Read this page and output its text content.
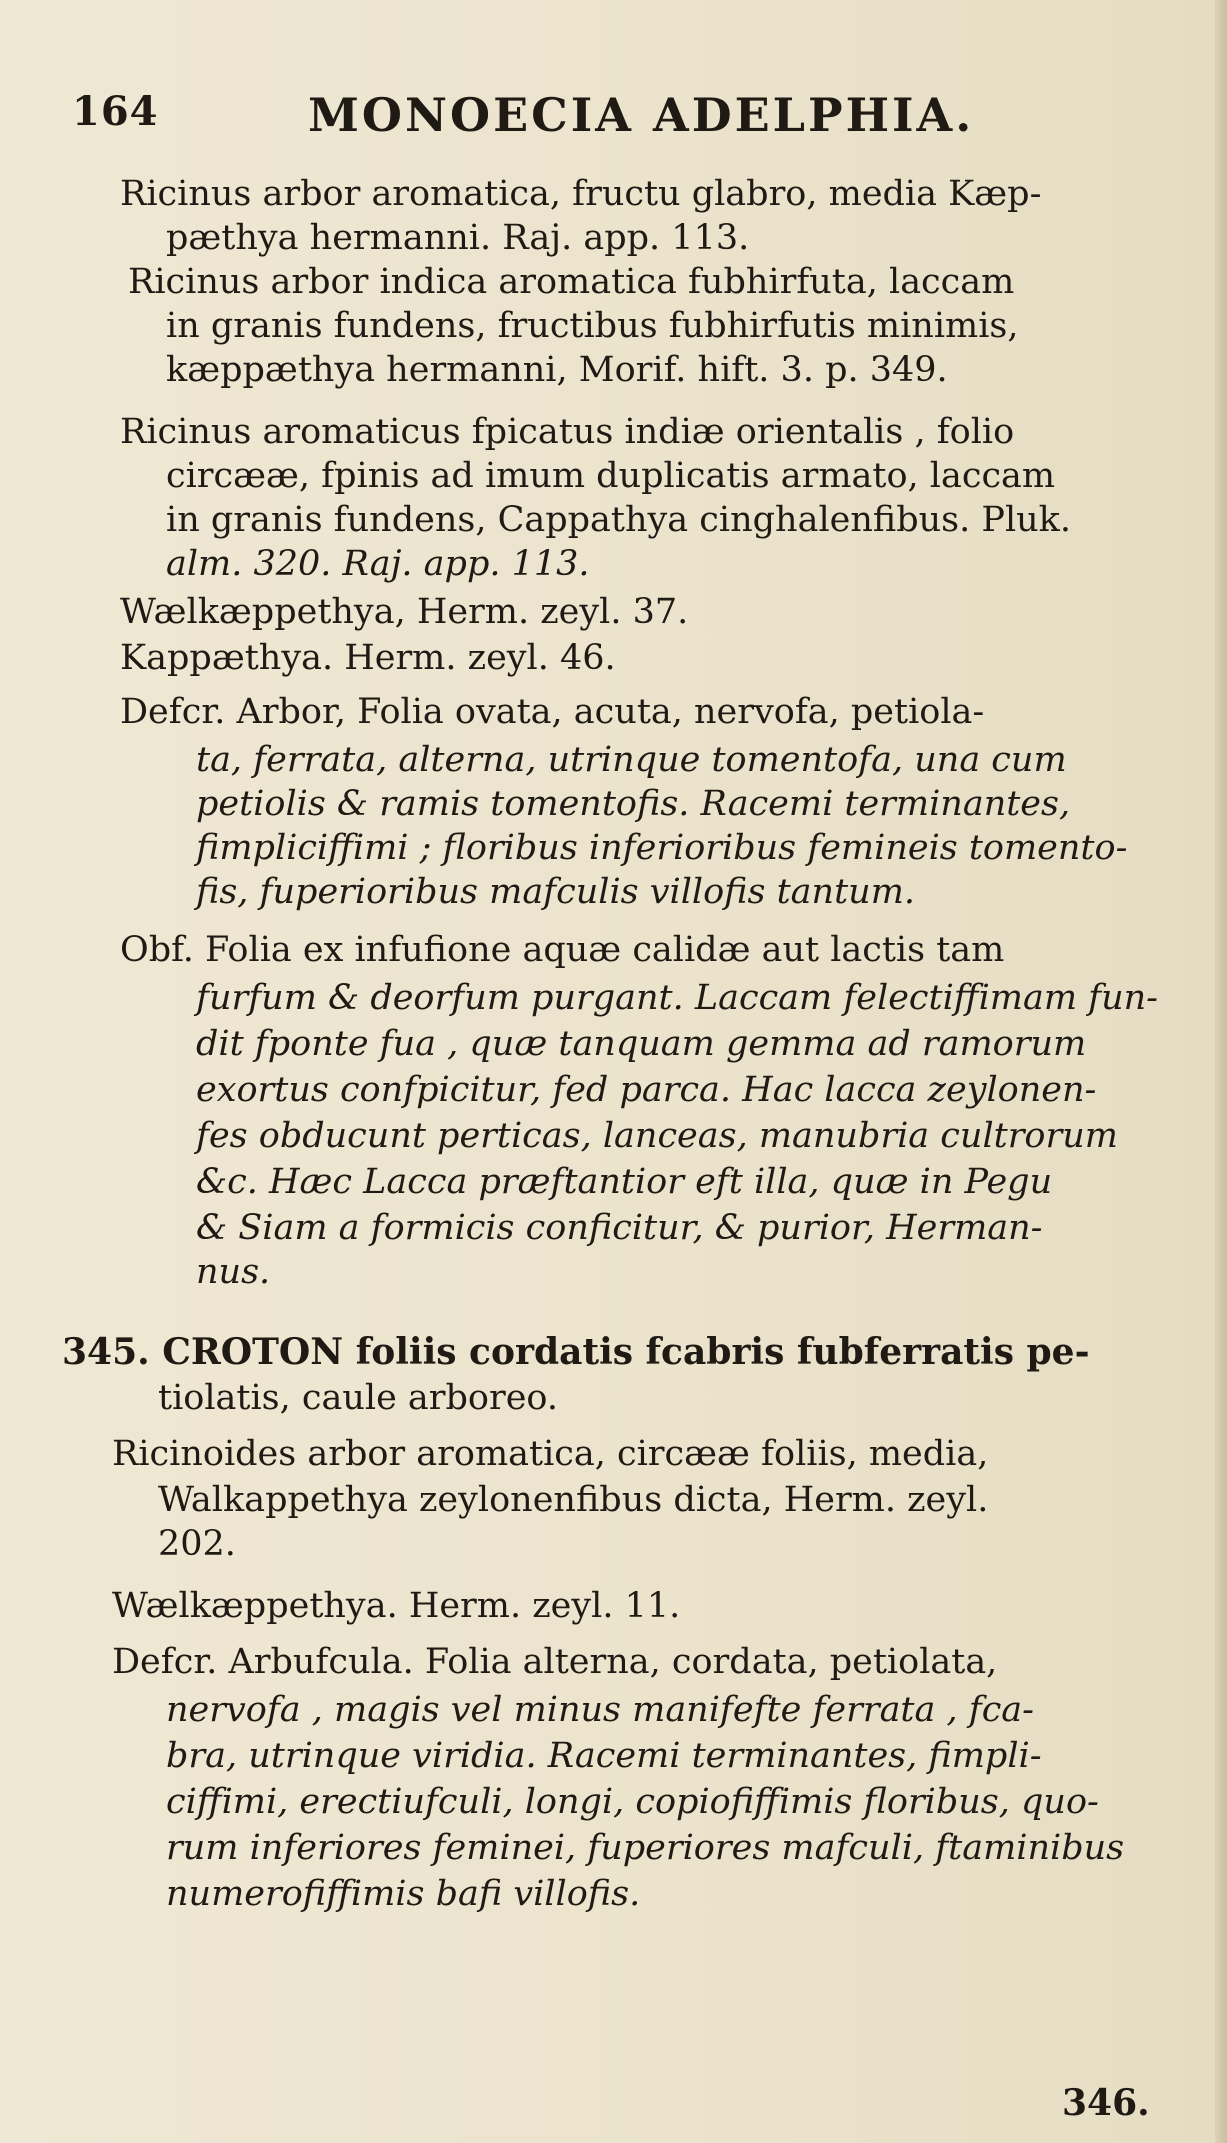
164	MONOECIA ADELPHIA.
Ricinus arbor aromatica, fructu glabro, media Kæp-
pæthya hermanni. Raj. app. 113.
Ricinus arbor indica aromatica fubhirfuta, laccam
in granis fundens, fructibus fubhirfutis minimis,
kæppæthya hermanni, Morif. hift. 3. p. 349.
Ricinus aromaticus fpicatus indiæ orientalis , folio
circææ, fpinis ad imum duplicatis armato, laccam
in granis fundens, Cappathya cinghalenfibus. Pluk.
alm. 320. Raj. app. 113.
Wælkæppethya, Herm. zeyl. 37.
Kappæthya. Herm. zeyl. 46.
Defcr. Arbor, Folia ovata, acuta, nervofa, petiola-
ta, ferrata, alterna, utrinque tomentofa, una cum
petiolis & ramis tomentofis. Racemi terminantes,
fimpliciffimi ; floribus inferioribus femineis tomento-
fis, fuperioribus mafculis villofis tantum.
Obf. Folia ex infufione aquæ calidæ aut lactis tam
furfum & deorfum purgant. Laccam felectiffimam fun-
dit fponte fua , quæ tanquam gemma ad ramorum
exortus confpicitur, fed parca. Hac lacca zeylonen-
fes obducunt perticas, lanceas, manubria cultrorum
&c. Hæc Lacca præftantior eft illa, quæ in Pegu
& Siam a formicis conficitur, & purior, Herman-
nus.
345. CROTON foliis cordatis fcabris fubferratis pe-
tiolatis, caule arboreo.
Ricinoides arbor aromatica, circææ foliis, media,
Walkappethya zeylonenfibus dicta, Herm. zeyl.
202.
Wælkæppethya. Herm. zeyl. 11.
Defcr. Arbufcula. Folia alterna, cordata, petiolata,
nervofa , magis vel minus manifefte ferrata , fca-
bra, utrinque viridia. Racemi terminantes, fimpli-
ciffimi, erectiufculi, longi, copiofiffimis floribus, quo-
rum inferiores feminei, fuperiores mafculi, ftaminibus
numerofiffimis bafi villofis.
346.
